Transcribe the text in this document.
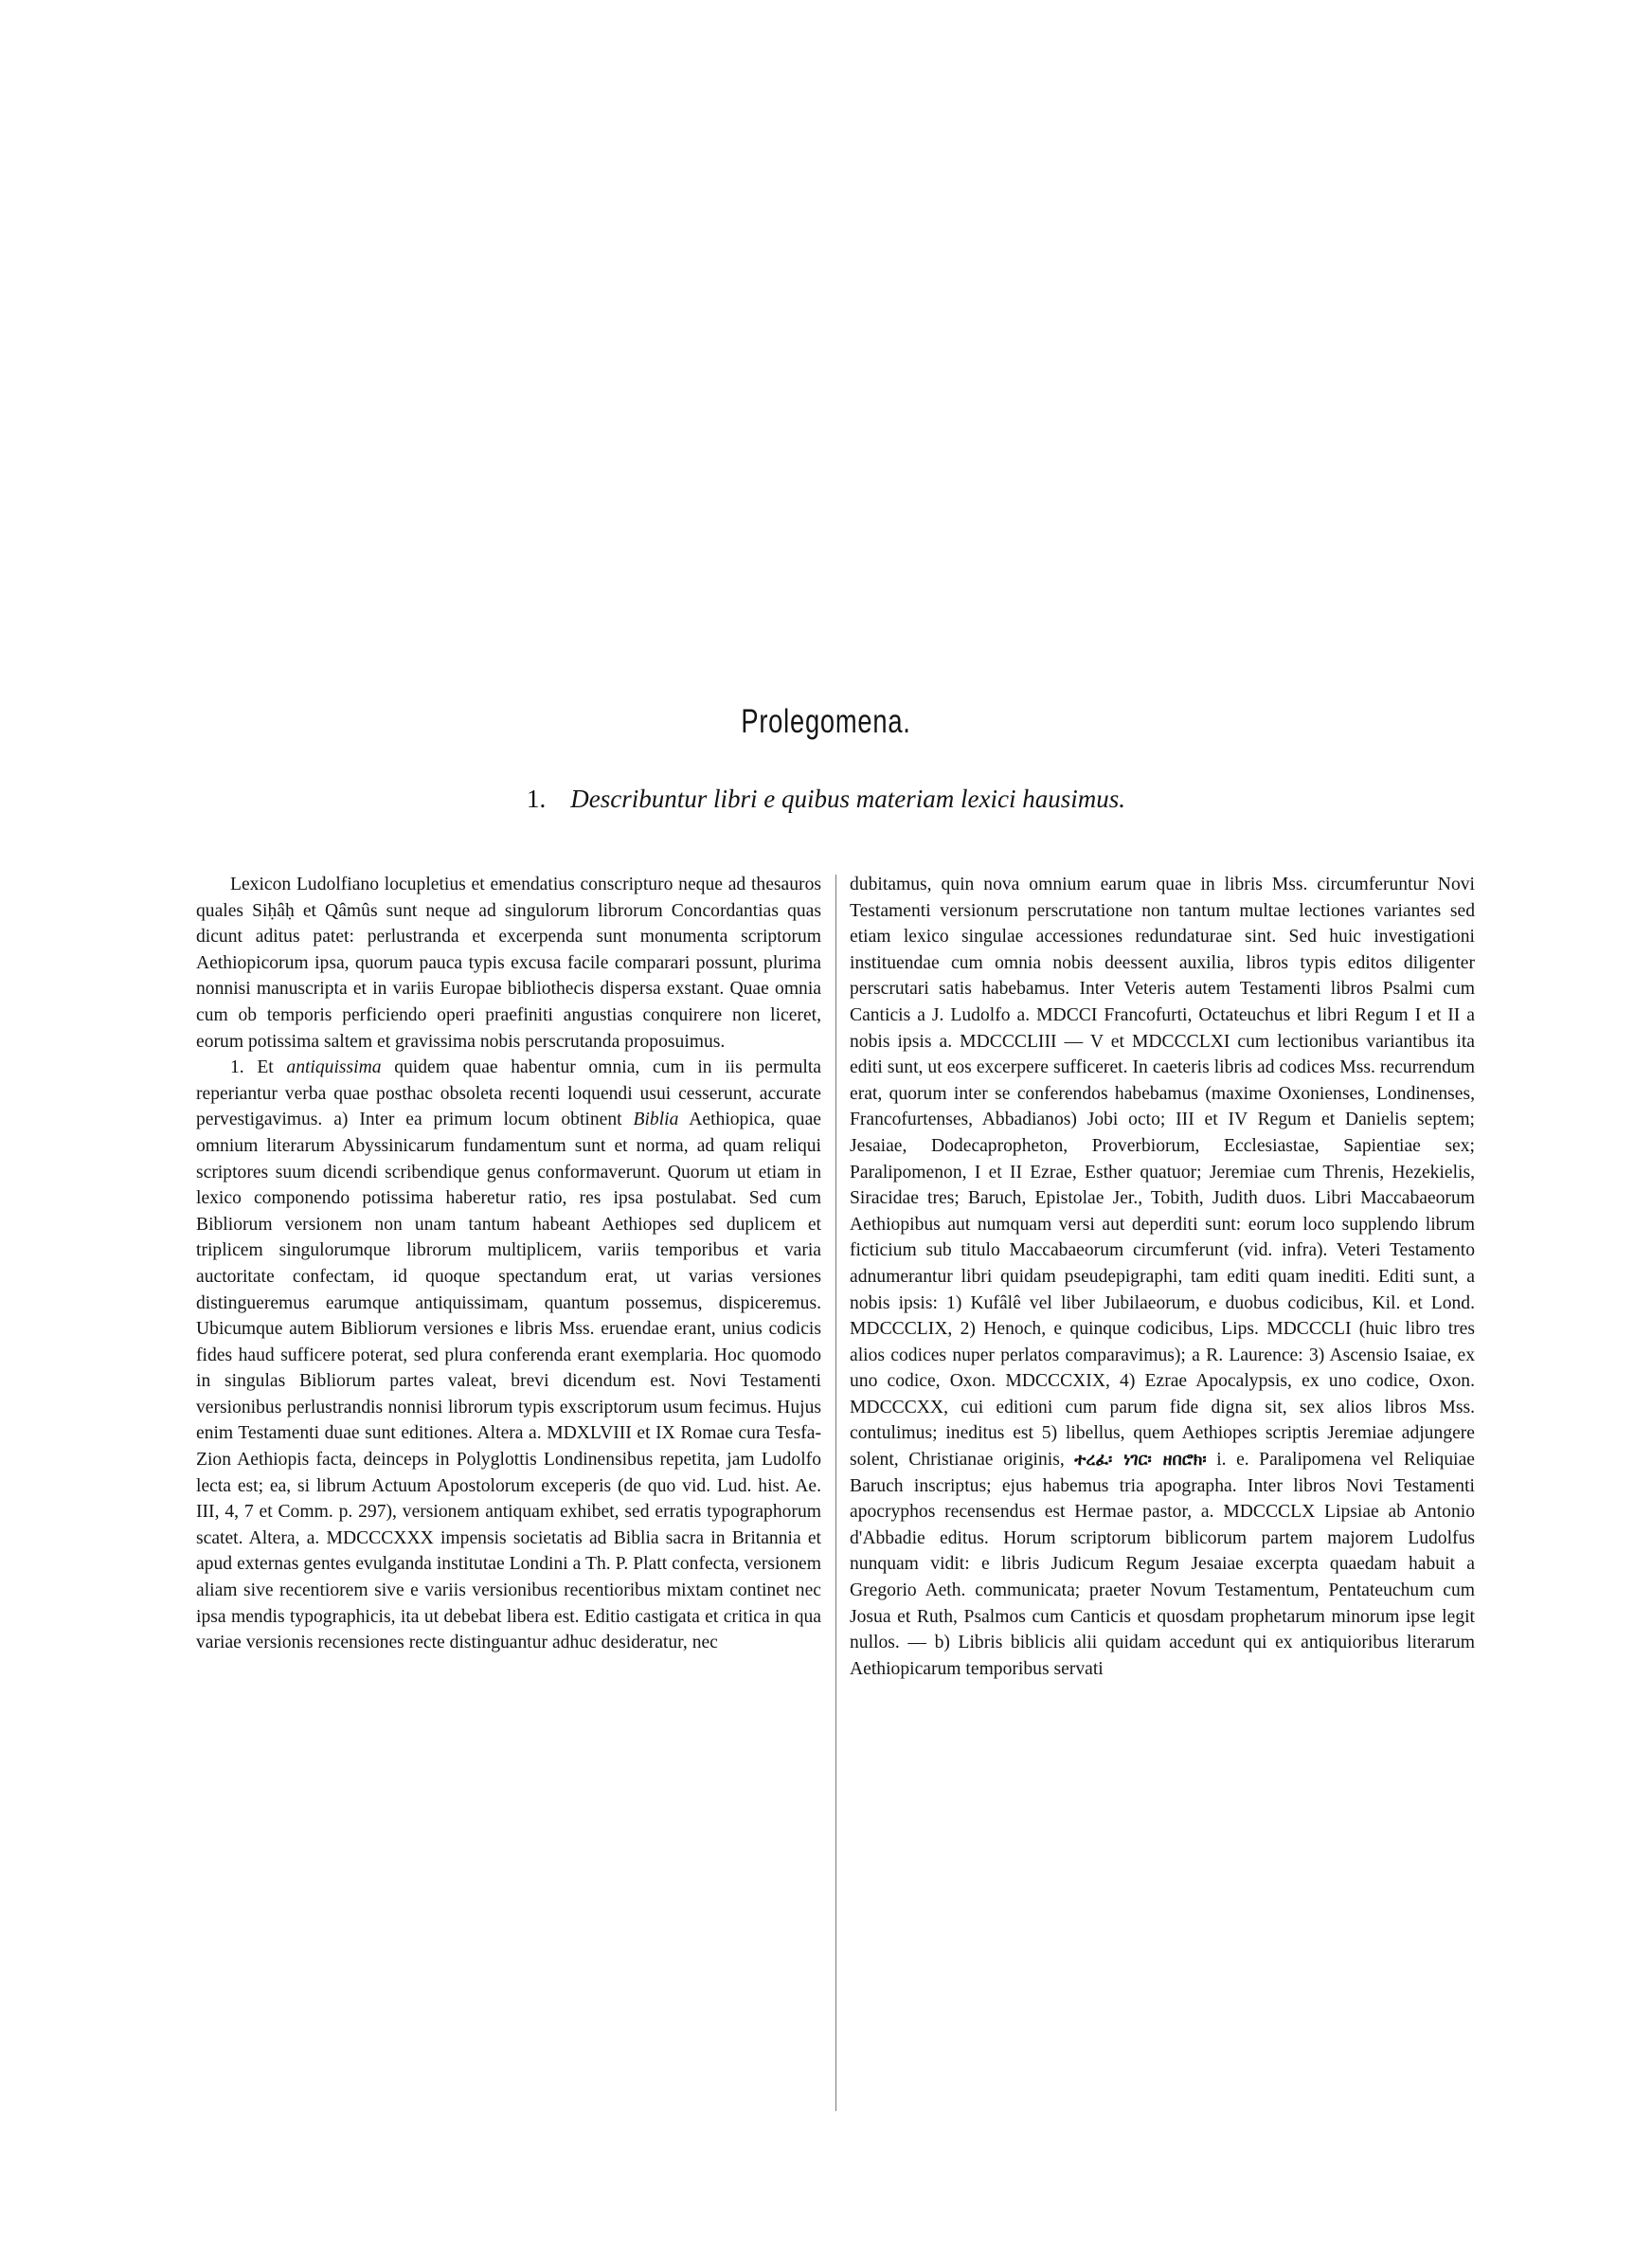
Prolegomena.
1. Describuntur libri e quibus materiam lexici hausimus.

Lexicon Ludolfiano locupletius et emendatius conscripturo neque ad thesauros quales Siḥâḥ et Qâmûs sunt neque ad singulorum librorum Concordantias quas dicunt aditus patet: perlustranda et excerpenda sunt monumenta scriptorum Aethiopicorum ipsa, quorum pauca typis excusa facile comparari possunt, plurima nonnisi manuscripta et in variis Europae bibliothecis dispersa exstant. Quae omnia cum ob temporis perficiendo operi praefiniti angustias conquirere non liceret, eorum potissima saltem et gravissima nobis perscrutanda proposuimus.

1. Et antiquissima quidem quae habentur omnia, cum in iis permulta reperiantur verba quae posthac obsoleta recenti loquendi usui cesserunt, accurate pervestigavimus. a) Inter ea primum locum obtinent Biblia Aethiopica, quae omnium literarum Abyssinicarum fundamentum sunt et norma, ad quam reliqui scriptores suum dicendi scribendique genus conformaverunt. Quorum ut etiam in lexico componendo potissima haberetur ratio, res ipsa postulabat. Sed cum Bibliorum versionem non unam tantum habeant Aethiopes sed duplicem et triplicem singulorumque librorum multiplicem, variis temporibus et varia auctoritate confectam, id quoque spectandum erat, ut varias versiones distingueremus earumque antiquissimam, quantum possemus, dispiceremus. Ubicumque autem Bibliorum versiones e libris Mss. eruendae erant, unius codicis fides haud sufficere poterat, sed plura conferenda erant exemplaria. Hoc quomodo in singulas Bibliorum partes valeat, brevi dicendum est. Novi Testamenti versionibus perlustrandis nonnisi librorum typis exscriptorum usum fecimus. Hujus enim Testamenti duae sunt editiones. Altera a. MDXLVIII et IX Romae cura Tesfa-Zion Aethiopis facta, deinceps in Polyglottis Londinensibus repetita, jam Ludolfo lecta est; ea, si librum Actuum Apostolorum exceperis (de quo vid. Lud. hist. Ae. III, 4, 7 et Comm. p. 297), versionem antiquam exhibet, sed erratis typographorum scatet. Altera, a. MDCCCXXX impensis societatis ad Biblia sacra in Britannia et apud externas gentes evulganda institutae Londini a Th. P. Platt confecta, versionem aliam sive recentiorem sive e variis versionibus recentioribus mixtam continet nec ipsa mendis typographicis, ita ut debebat libera est. Editio castigata et critica in qua variae versionis recensiones recte distinguantur adhuc desideratur, nec

dubitamus, quin nova omnium earum quae in libris Mss. circumferuntur Novi Testamenti versionum perscrutatione non tantum multae lectiones variantes sed etiam lexico singulae accessiones redundaturae sint. Sed huic investigationi instituendae cum omnia nobis deessent auxilia, libros typis editos diligenter perscrutari satis habebamus. Inter Veteris autem Testamenti libros Psalmi cum Canticis a J. Ludolfo a. MDCCI Francofurti, Octateuchus et libri Regum I et II a nobis ipsis a. MDCCCLIII — V et MDCCCLXI cum lectionibus variantibus ita editi sunt, ut eos excerpere sufficeret. In caeteris libris ad codices Mss. recurrendum erat, quorum inter se conferendos habebamus (maxime Oxonienses, Londinenses, Francofurtenses, Abbadianos) Jobi octo; III et IV Regum et Danielis septem; Jesaiae, Dodecapropheton, Proverbiorum, Ecclesiastae, Sapientiae sex; Paralipomenon, I et II Ezrae, Esther quatuor; Jeremiae cum Threnis, Hezekielis, Siracidae tres; Baruch, Epistolae Jer., Tobith, Judith duos. Libri Maccabaeorum Aethiopibus aut numquam versi aut deperditi sunt: eorum loco supplendo librum ficticium sub titulo Maccabaeorum circumferunt (vid. infra). Veteri Testamento adnumerantur libri quidam pseudepigraphi, tam editi quam inediti. Editi sunt, a nobis ipsis: 1) Kufâlê vel liber Jubilaeorum, e duobus codicibus, Kil. et Lond. MDCCCLIX, 2) Henoch, e quinque codicibus, Lips. MDCCCLI (huic libro tres alios codices nuper perlatos comparavimus); a R. Laurence: 3) Ascensio Isaiae, ex uno codice, Oxon. MDCCCXIX, 4) Ezrae Apocalypsis, ex uno codice, Oxon. MDCCCXX, cui editioni cum parum fide digna sit, sex alios libros Mss. contulimus; ineditus est 5) libellus, quem Aethiopes scriptis Jeremiae adjungere solent, Christianae originis, ተረፈ፡ ነገር፡ ዘበሮክ፡ i. e. Paralipomena vel Reliquiae Baruch inscriptus; ejus habemus tria apographa. Inter libros Novi Testamenti apocryphos recensendus est Hermae pastor, a. MDCCCLX Lipsiae ab Antonio d'Abbadie editus. Horum scriptorum biblicorum partem majorem Ludolfus nunquam vidit: e libris Judicum Regum Jesaiae excerpta quaedam habuit a Gregorio Aeth. communicata; praeter Novum Testamentum, Pentateuchum cum Josua et Ruth, Psalmos cum Canticis et quosdam prophetarum minorum ipse legit nullos. — b) Libris biblicis alii quidam accedunt qui ex antiquioribus literarum Aethiopicarum temporibus servati
